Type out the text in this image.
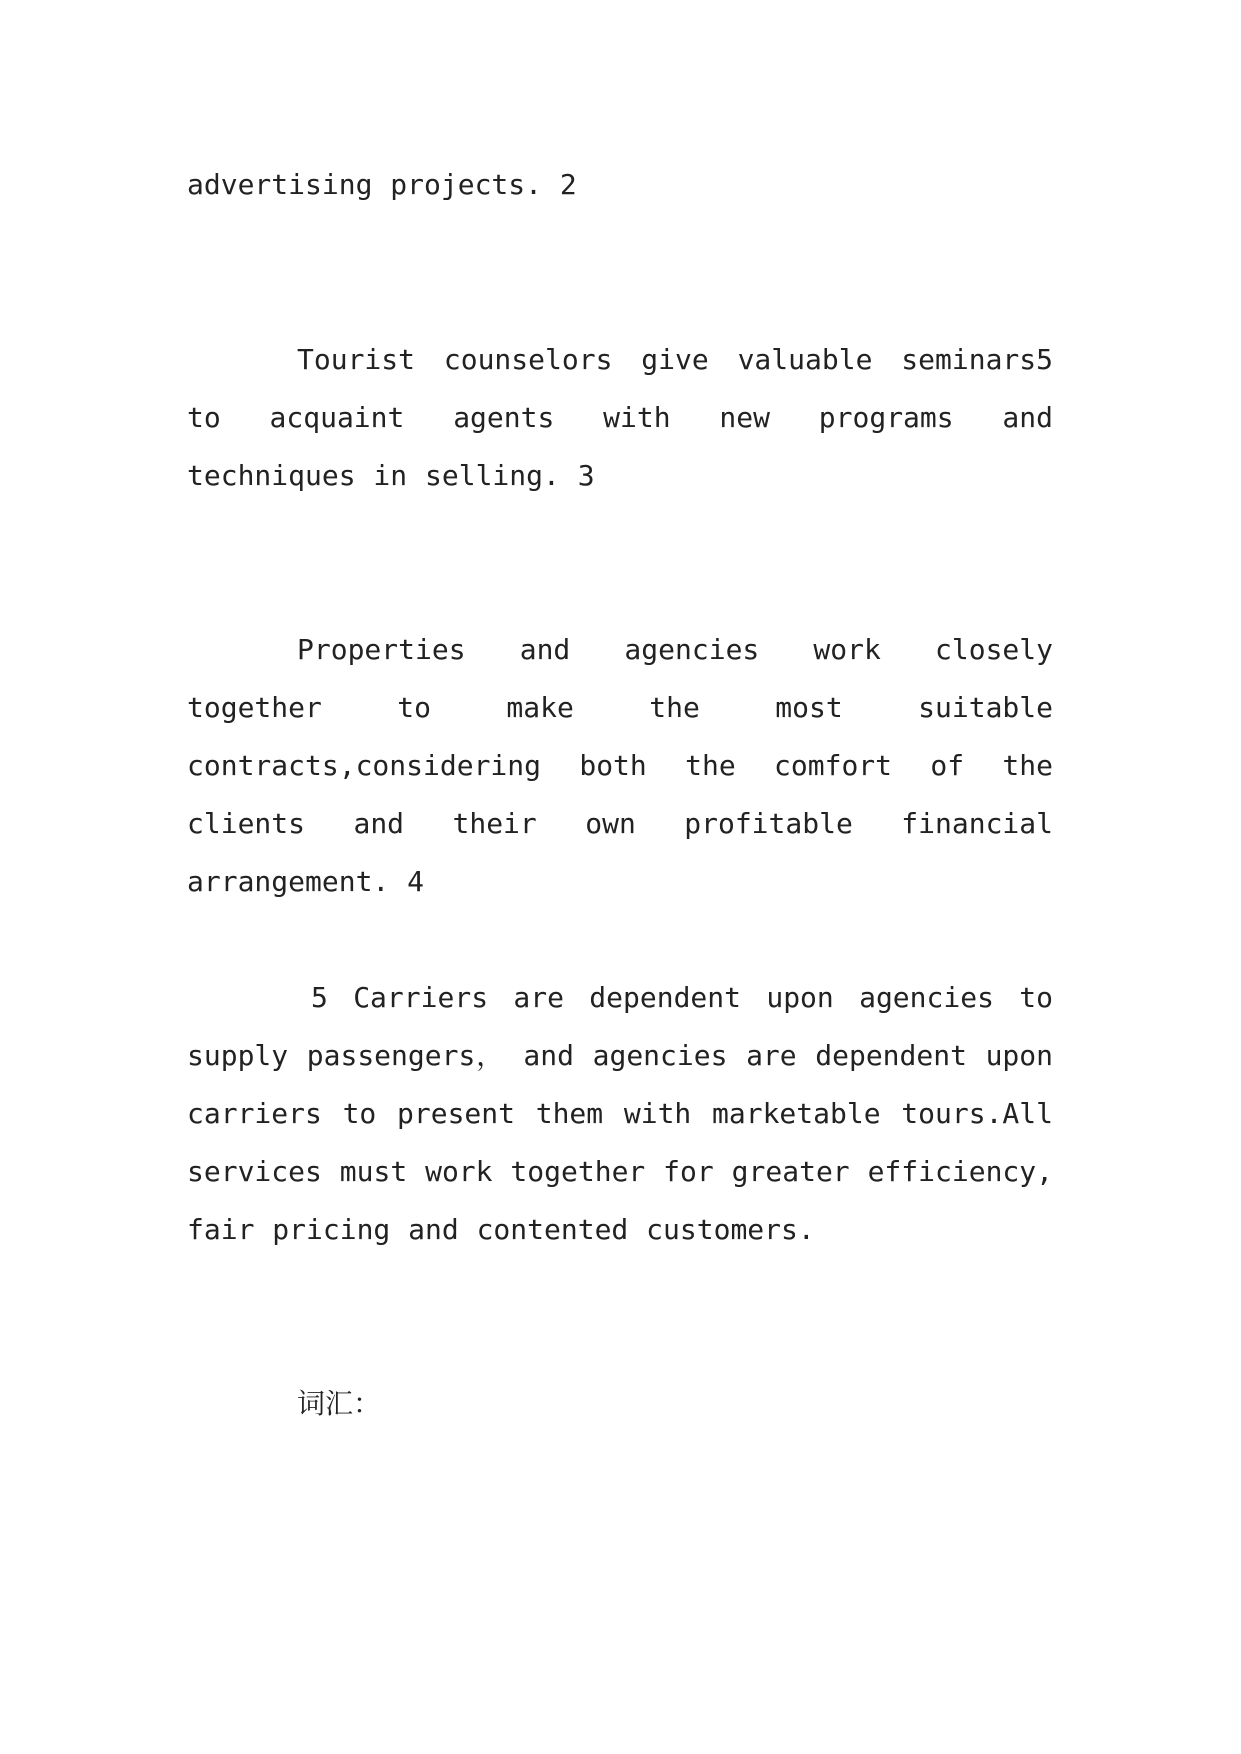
advertising projects. 2

Tourist counselors give valuable seminars5 to acquaint agents with new programs and techniques in selling. 3

Properties and agencies work closely together to make the most suitable contracts,considering both the comfort of the clients and their own profitable financial arrangement. 4

5 Carriers are dependent upon agencies to supply passengers， and agencies are dependent upon carriers to present them with marketable tours.All services must work together for greater efficiency, fair pricing and contented customers.

词汇：
